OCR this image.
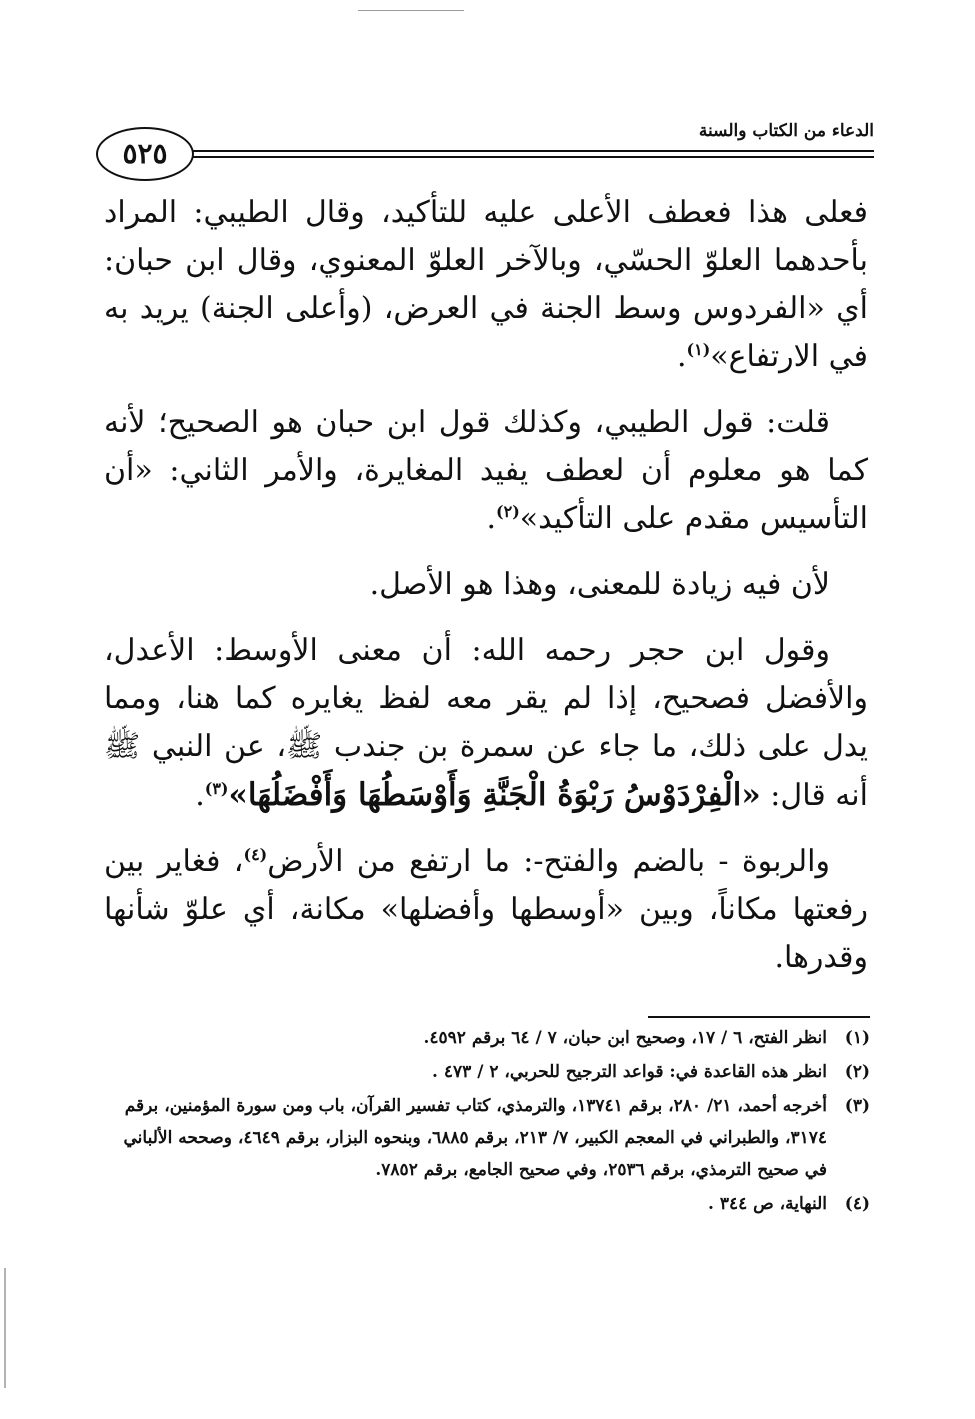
٥٢٥
الدعاء من الكتاب والسنة

فعلى هذا فعطف الأعلى عليه للتأكيد، وقال الطيبي: المراد بأحدهما العلوّ الحسّي، وبالآخر العلوّ المعنوي، وقال ابن حبان: أي «الفردوس وسط الجنة في العرض، (وأعلى الجنة) يريد به في الارتفاع»$^{(١)}$.

قلت: قول الطيبي، وكذلك قول ابن حبان هو الصحيح؛ لأنه كما هو معلوم أن لعطف يفيد المغايرة، والأمر الثاني: «أن التأسيس مقدم على التأكيد»$^{(٢)}$.

لأن فيه زيادة للمعنى، وهذا هو الأصل.

وقول ابن حجر رحمه الله: أن معنى الأوسط: الأعدل، والأفضل فصحيح، إذا لم يقر معه لفظ يغايره كما هنا، ومما يدل على ذلك، ما جاء عن سمرة بن جندب ﷺ، عن النبي ﷺ أنه قال: «الْفِرْدَوْسُ رَبْوَةُ الْجَنَّةِ وَأَوْسَطُهَا وَأَفْضَلُهَا»$^{(٣)}$.

والربوة - بالضم والفتح-: ما ارتفع من الأرض$^{(٤)}$، فغاير بين رفعتها مكاناً، وبين «أوسطها وأفضلها» مكانة، أي علوّ شأنها وقدرها.

(١)
انظر الفتح، ٦ / ١٧، وصحيح ابن حبان، ٧ / ٦٤ برقم ٤٥٩٢.
(٢)
انظر هذه القاعدة في: قواعد الترجيح للحربي، ٢ / ٤٧٣ .
(٣)
أخرجه أحمد، ٢١/ ٢٨٠، برقم ١٣٧٤١، والترمذي، كتاب تفسير القرآن، باب ومن سورة المؤمنين، برقم ٣١٧٤، والطبراني في المعجم الكبير، ٧/ ٢١٣، برقم ٦٨٨٥، وبنحوه البزار، برقم ٤٦٤٩، وصححه الألباني في صحيح الترمذي، برقم ٢٥٣٦، وفي صحيح الجامع، برقم ٧٨٥٢.
(٤)
النهاية، ص ٣٤٤ .
